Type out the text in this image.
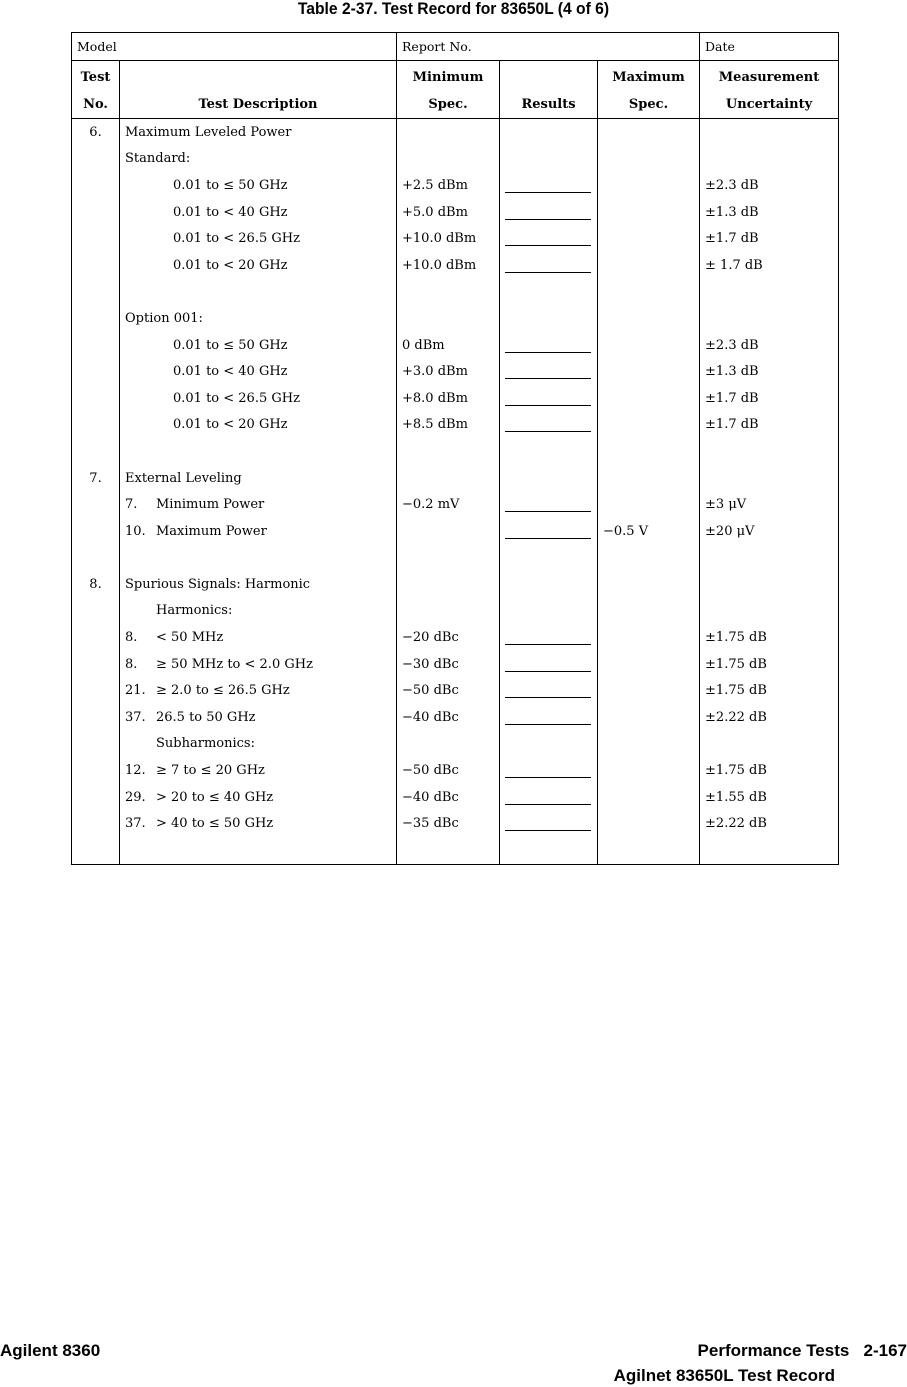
Table 2-37. Test Record for 83650L (4 of 6)
Model		Report No.			Date
Test		Minimum		Maximum	Measurement
No.	Test Description	Spec.	Results	Spec.	Uncertainty
6.	Maximum Leveled Power				
	Standard:				
	0.01 to ≤ 50 GHz	+2.5 dBm			±2.3 dB
	0.01 to < 40 GHz	+5.0 dBm			±1.3 dB
	0.01 to < 26.5 GHz	+10.0 dBm			±1.7 dB
	0.01 to < 20 GHz	+10.0 dBm			± 1.7 dB

	Option 001:				
	0.01 to ≤ 50 GHz	0 dBm			±2.3 dB
	0.01 to < 40 GHz	+3.0 dBm			±1.3 dB
	0.01 to < 26.5 GHz	+8.0 dBm			±1.7 dB
	0.01 to < 20 GHz	+8.5 dBm			±1.7 dB

7.	External Leveling				
	7. Minimum Power	−0.2 mV			±3 μV
	10. Maximum Power			−0.5 V	±20 μV

8.	Spurious Signals: Harmonic				
	Harmonics:				
	8. < 50 MHz	−20 dBc			±1.75 dB
	8. ≥ 50 MHz to < 2.0 GHz	−30 dBc			±1.75 dB
	21. ≥ 2.0 to ≤ 26.5 GHz	−50 dBc			±1.75 dB
	37. 26.5 to 50 GHz	−40 dBc			±2.22 dB
	Subharmonics:				
	12. ≥ 7 to ≤ 20 GHz	−50 dBc			±1.75 dB
	29. > 20 to ≤ 40 GHz	−40 dBc			±1.55 dB
	37. > 40 to ≤ 50 GHz	−35 dBc			±2.22 dB

Agilent 8360	Performance Tests   2-167
Agilnet 83650L Test Record
